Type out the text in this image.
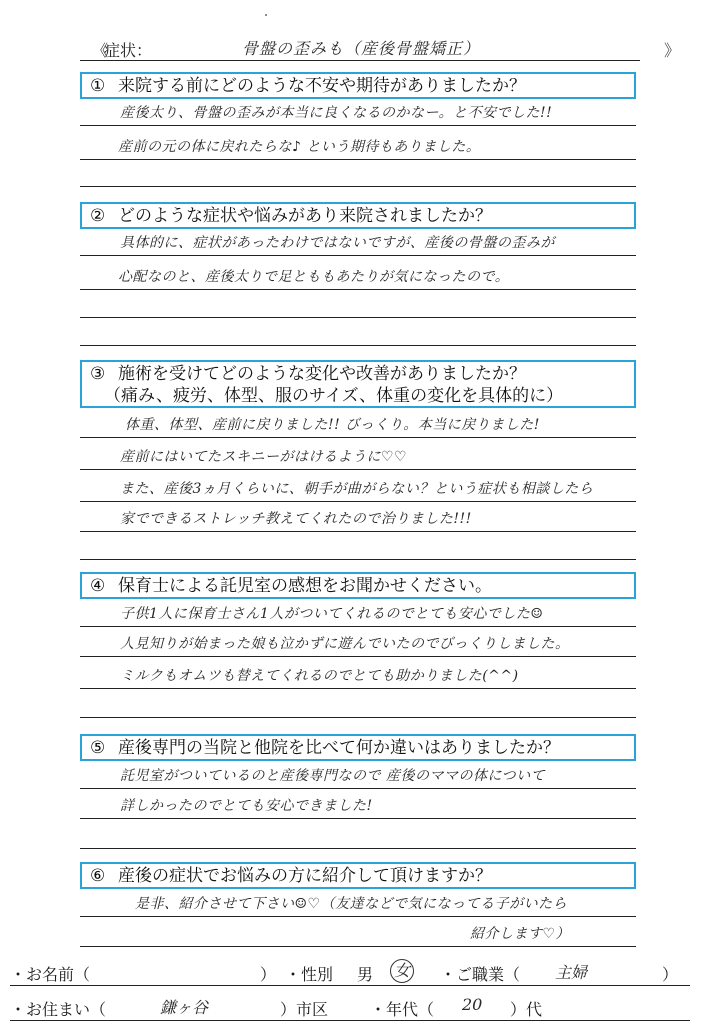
《
症状：	骨盤の歪みも（産後骨盤矯正）	》
① 来院する前にどのような不安や期待がありましたか？
産後太り、骨盤の歪みが本当に良くなるのかなー。と不安でした!!
産前の元の体に戻れたらな♪ という期待もありました。
② どのような症状や悩みがあり来院されましたか？
具体的に、症状があったわけではないですが、産後の骨盤の歪みが
心配なのと、産後太りで足とももあたりが気になったので。
③ 施術を受けてどのような変化や改善がありましたか？
（痛み、疲労、体型、服のサイズ、体重の変化を具体的に）
体重、体型、産前に戻りました!! びっくり。本当に戻りました!
産前にはいてたスキニーがはけるように♡♡
また、産後3ヵ月くらいに、朝手が曲がらない？という症状も相談したら
家でできるストレッチ教えてくれたので治りました!!!
④ 保育士による託児室の感想をお聞かせください。
子供1人に保育士さん1人がついてくれるのでとても安心でした☺
人見知りが始まった娘も泣かずに遊んでいたのでびっくりしました。
ミルクもオムツも替えてくれるのでとても助かりました(^^)
⑤ 産後専門の当院と他院を比べて何か違いはありましたか？
託児室がついているのと産後専門なので 産後のママの体について
詳しかったのでとても安心できました!
⑥ 産後の症状でお悩みの方に紹介して頂けますか？
是非、紹介させて下さい☺♡（友達などで気になってる子がいたら
紹介します♡）
・お名前（	） ・性別 男 女 ・ご職業（ 主婦	）
・お住まい（	鎌ヶ谷	）市区	・年代（ 20 ）代
